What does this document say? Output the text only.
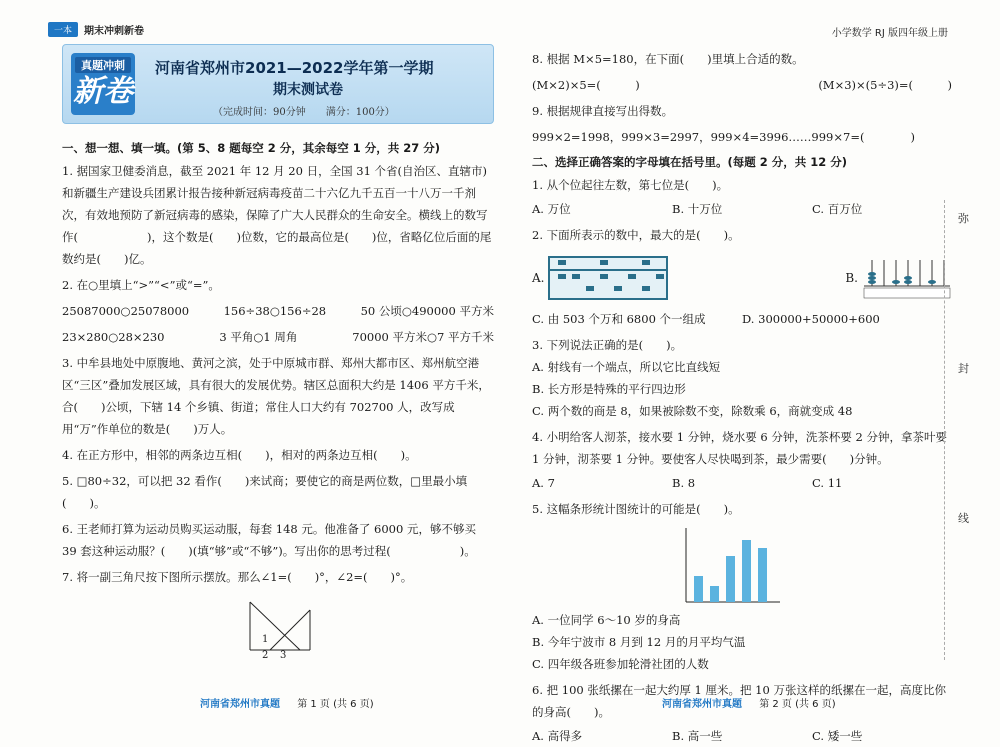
一本	期末冲刺新卷	小学数学 RJ 版四年级上册
真题冲刺
新卷
河南省郑州市2021—2022学年第一学期
期末测试卷
（完成时间：90分钟　　满分：100分）
一、想一想、填一填。(第 5、8 题每空 2 分，其余每空 1 分，共 27 分)
1. 据国家卫健委消息，截至 2021 年 12 月 20 日，全国 31 个省(自治区、直辖市)和新疆生产建设兵团累计报告接种新冠病毒疫苗二十六亿九千五百一十八万一千剂次，有效地预防了新冠病毒的感染，保障了广大人民群众的生命安全。横线上的数写作(　　　　　　)，这个数是(　　)位数，它的最高位是(　　)位，省略亿位后面的尾数约是(　　)亿。
2. 在○里填上“>”“<”或“=”。
25087000○25078000	156÷38○156÷28	50 公顷○490000 平方米
23×280○28×230	3 平角○1 周角	70000 平方米○7 平方千米
3. 中牟县地处中原腹地、黄河之滨，处于中原城市群、郑州大都市区、郑州航空港区“三区”叠加发展区域，具有很大的发展优势。辖区总面积大约是 1406 平方千米，合(　　)公顷，下辖 14 个乡镇、街道；常住人口大约有 702700 人，改写成用“万”作单位的数是(　　)万人。
4. 在正方形中，相邻的两条边互相(　　)，相对的两条边互相(　　)。
5. □80÷32，可以把 32 看作(　　)来试商；要使它的商是两位数，□里最小填(　　)。
6. 王老师打算为运动员购买运动服，每套 148 元。他准备了 6000 元，够不够买 39 套这种运动服？(　　)(填“够”或“不够”)。写出你的思考过程(　　　　　　)。
7. 将一副三角尺按下图所示摆放。那么∠1=(　　)°，∠2=(　　)°。
1
2 3
8. 根据 M×5=180，在下面(　　)里填上合适的数。
(M×2)×5=(　　　)	(M×3)×(5÷3)=(　　　)
9. 根据规律直接写出得数。
999×2=1998，999×3=2997，999×4=3996……999×7=(　　　　)
二、选择正确答案的字母填在括号里。(每题 2 分，共 12 分)
1. 从个位起往左数，第七位是(　　)。
A. 万位	B. 十万位	C. 百万位
2. 下面所表示的数中，最大的是(　　)。
A.	B.
C. 由 503 个万和 6800 个一组成	D. 300000+50000+600
3. 下列说法正确的是(　　)。
A. 射线有一个端点，所以它比直线短
B. 长方形是特殊的平行四边形
C. 两个数的商是 8，如果被除数不变，除数乘 6，商就变成 48
4. 小明给客人沏茶，接水要 1 分钟，烧水要 6 分钟，洗茶杯要 2 分钟，拿茶叶要 1 分钟，沏茶要 1 分钟。要使客人尽快喝到茶，最少需要(　　)分钟。
A. 7	B. 8	C. 11
5. 这幅条形统计图统计的可能是(　　)。
A. 一位同学 6～10 岁的身高
B. 今年宁波市 8 月到 12 月的月平均气温
C. 四年级各班参加轮滑社团的人数
6. 把 100 张纸摞在一起大约厚 1 厘米。把 10 万张这样的纸摞在一起，高度比你的身高(　　)。
A. 高得多	B. 高一些	C. 矮一些
弥
封
线
河南省郑州市真题 第 1 页 (共 6 页)	河南省郑州市真题 第 2 页 (共 6 页)
